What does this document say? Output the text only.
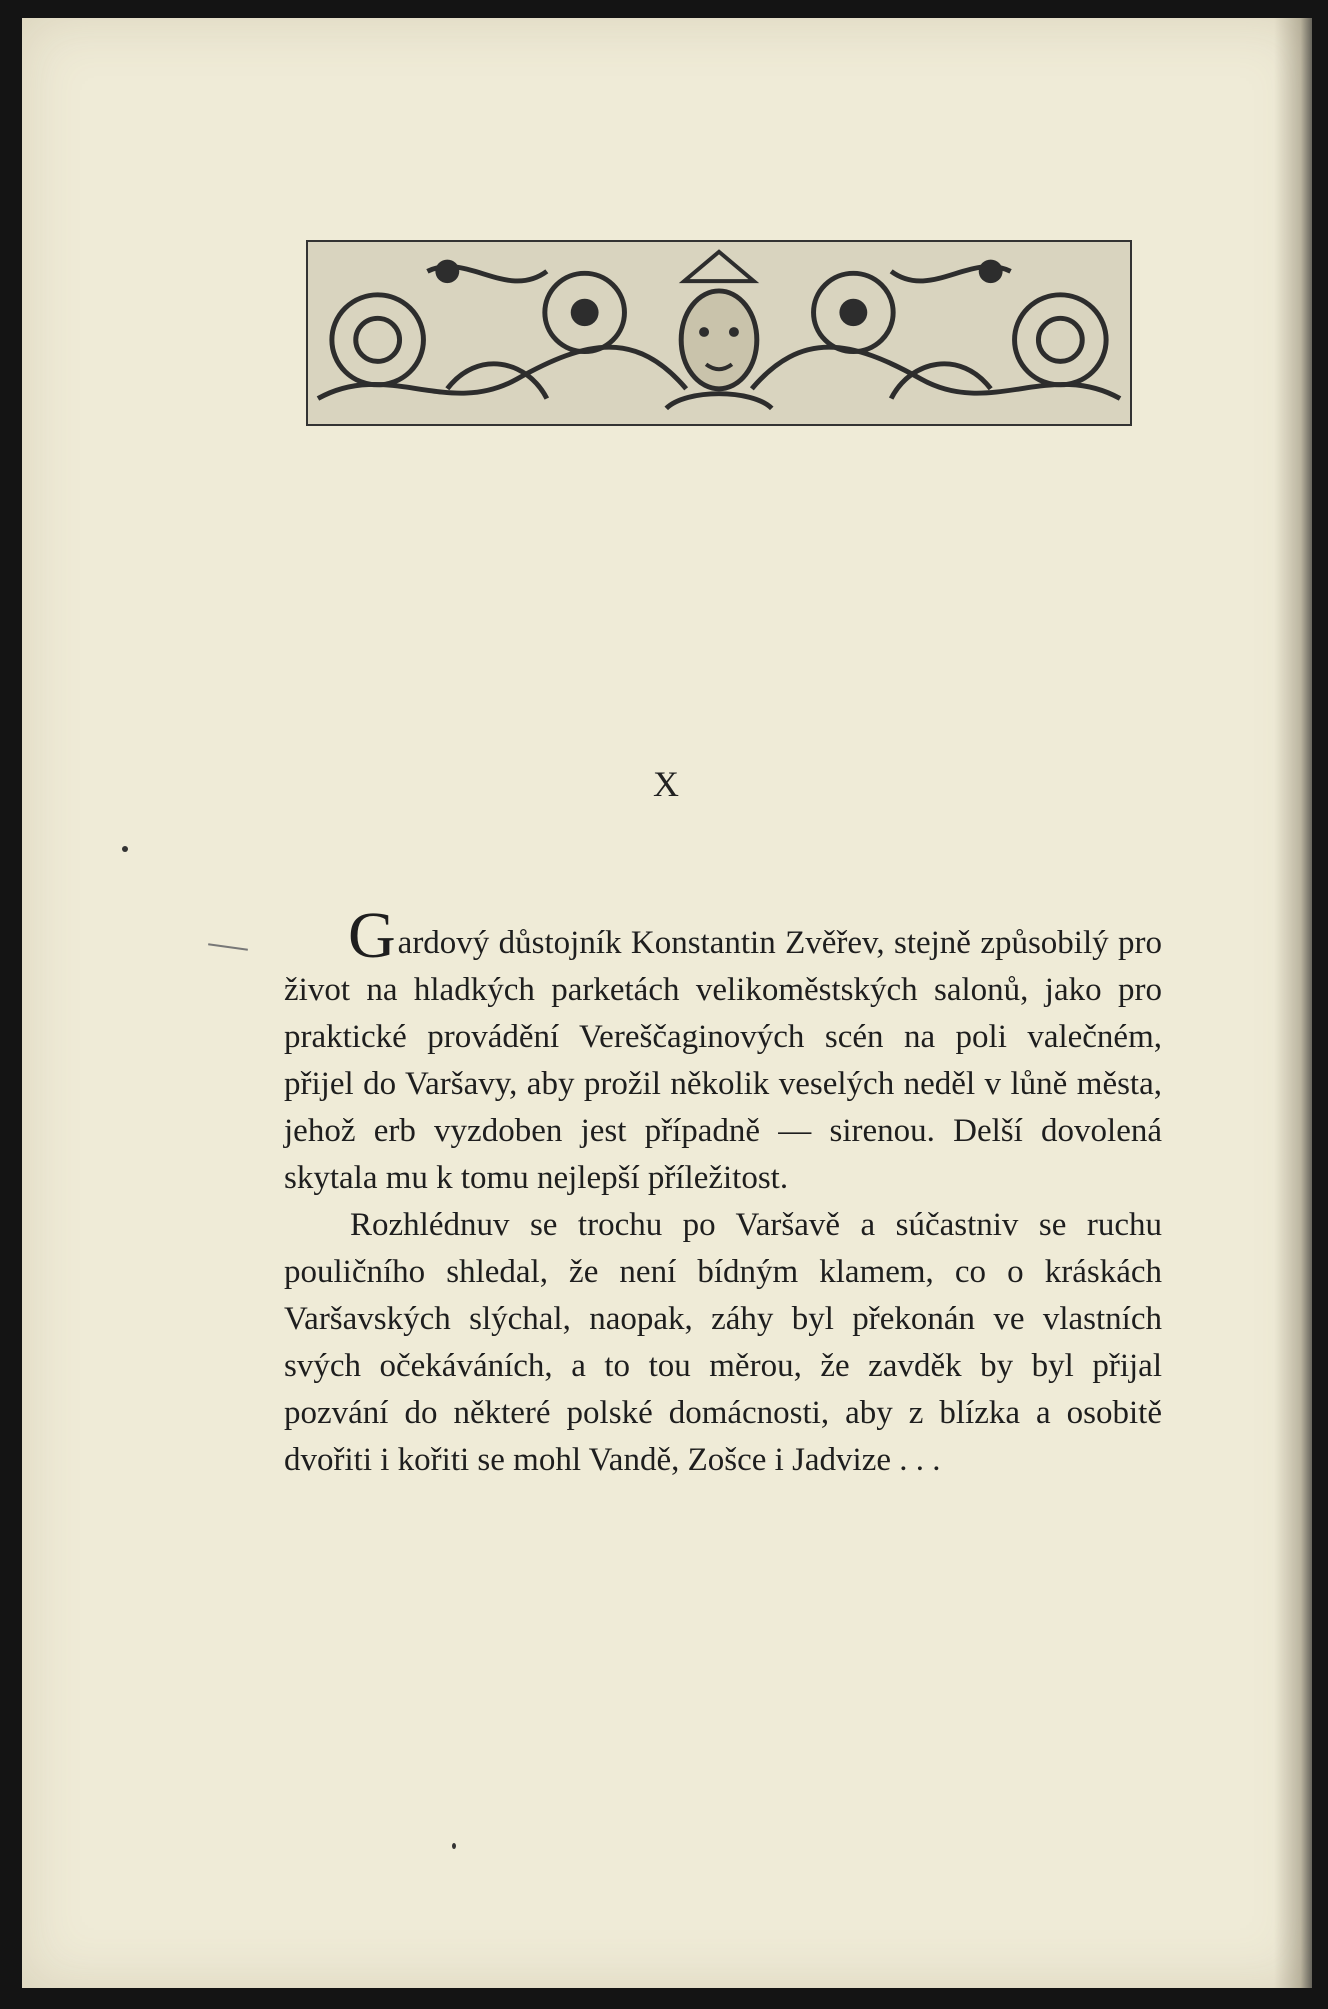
X

Gardový důstojník Konstantin Zvěřev, stejně způsobilý pro život na hladkých parketách velikoměstských salonů, jako pro praktické provádění Vereščaginových scén na poli valečném, přijel do Varšavy, aby prožil několik veselých neděl v lůně města, jehož erb vyzdoben jest případně — sirenou. Delší dovolená skytala mu k tomu nejlepší příležitost.

Rozhlédnuv se trochu po Varšavě a súčastniv se ruchu pouličního shledal, že není bídným klamem, co o kráskách Varšavských slýchal, naopak, záhy byl překonán ve vlastních svých očekáváních, a to tou měrou, že zavděk by byl přijal pozvání do některé polské domácnosti, aby z blízka a osobitě dvořiti i kořiti se mohl Vandě, Zošce i Jadvize . . .
